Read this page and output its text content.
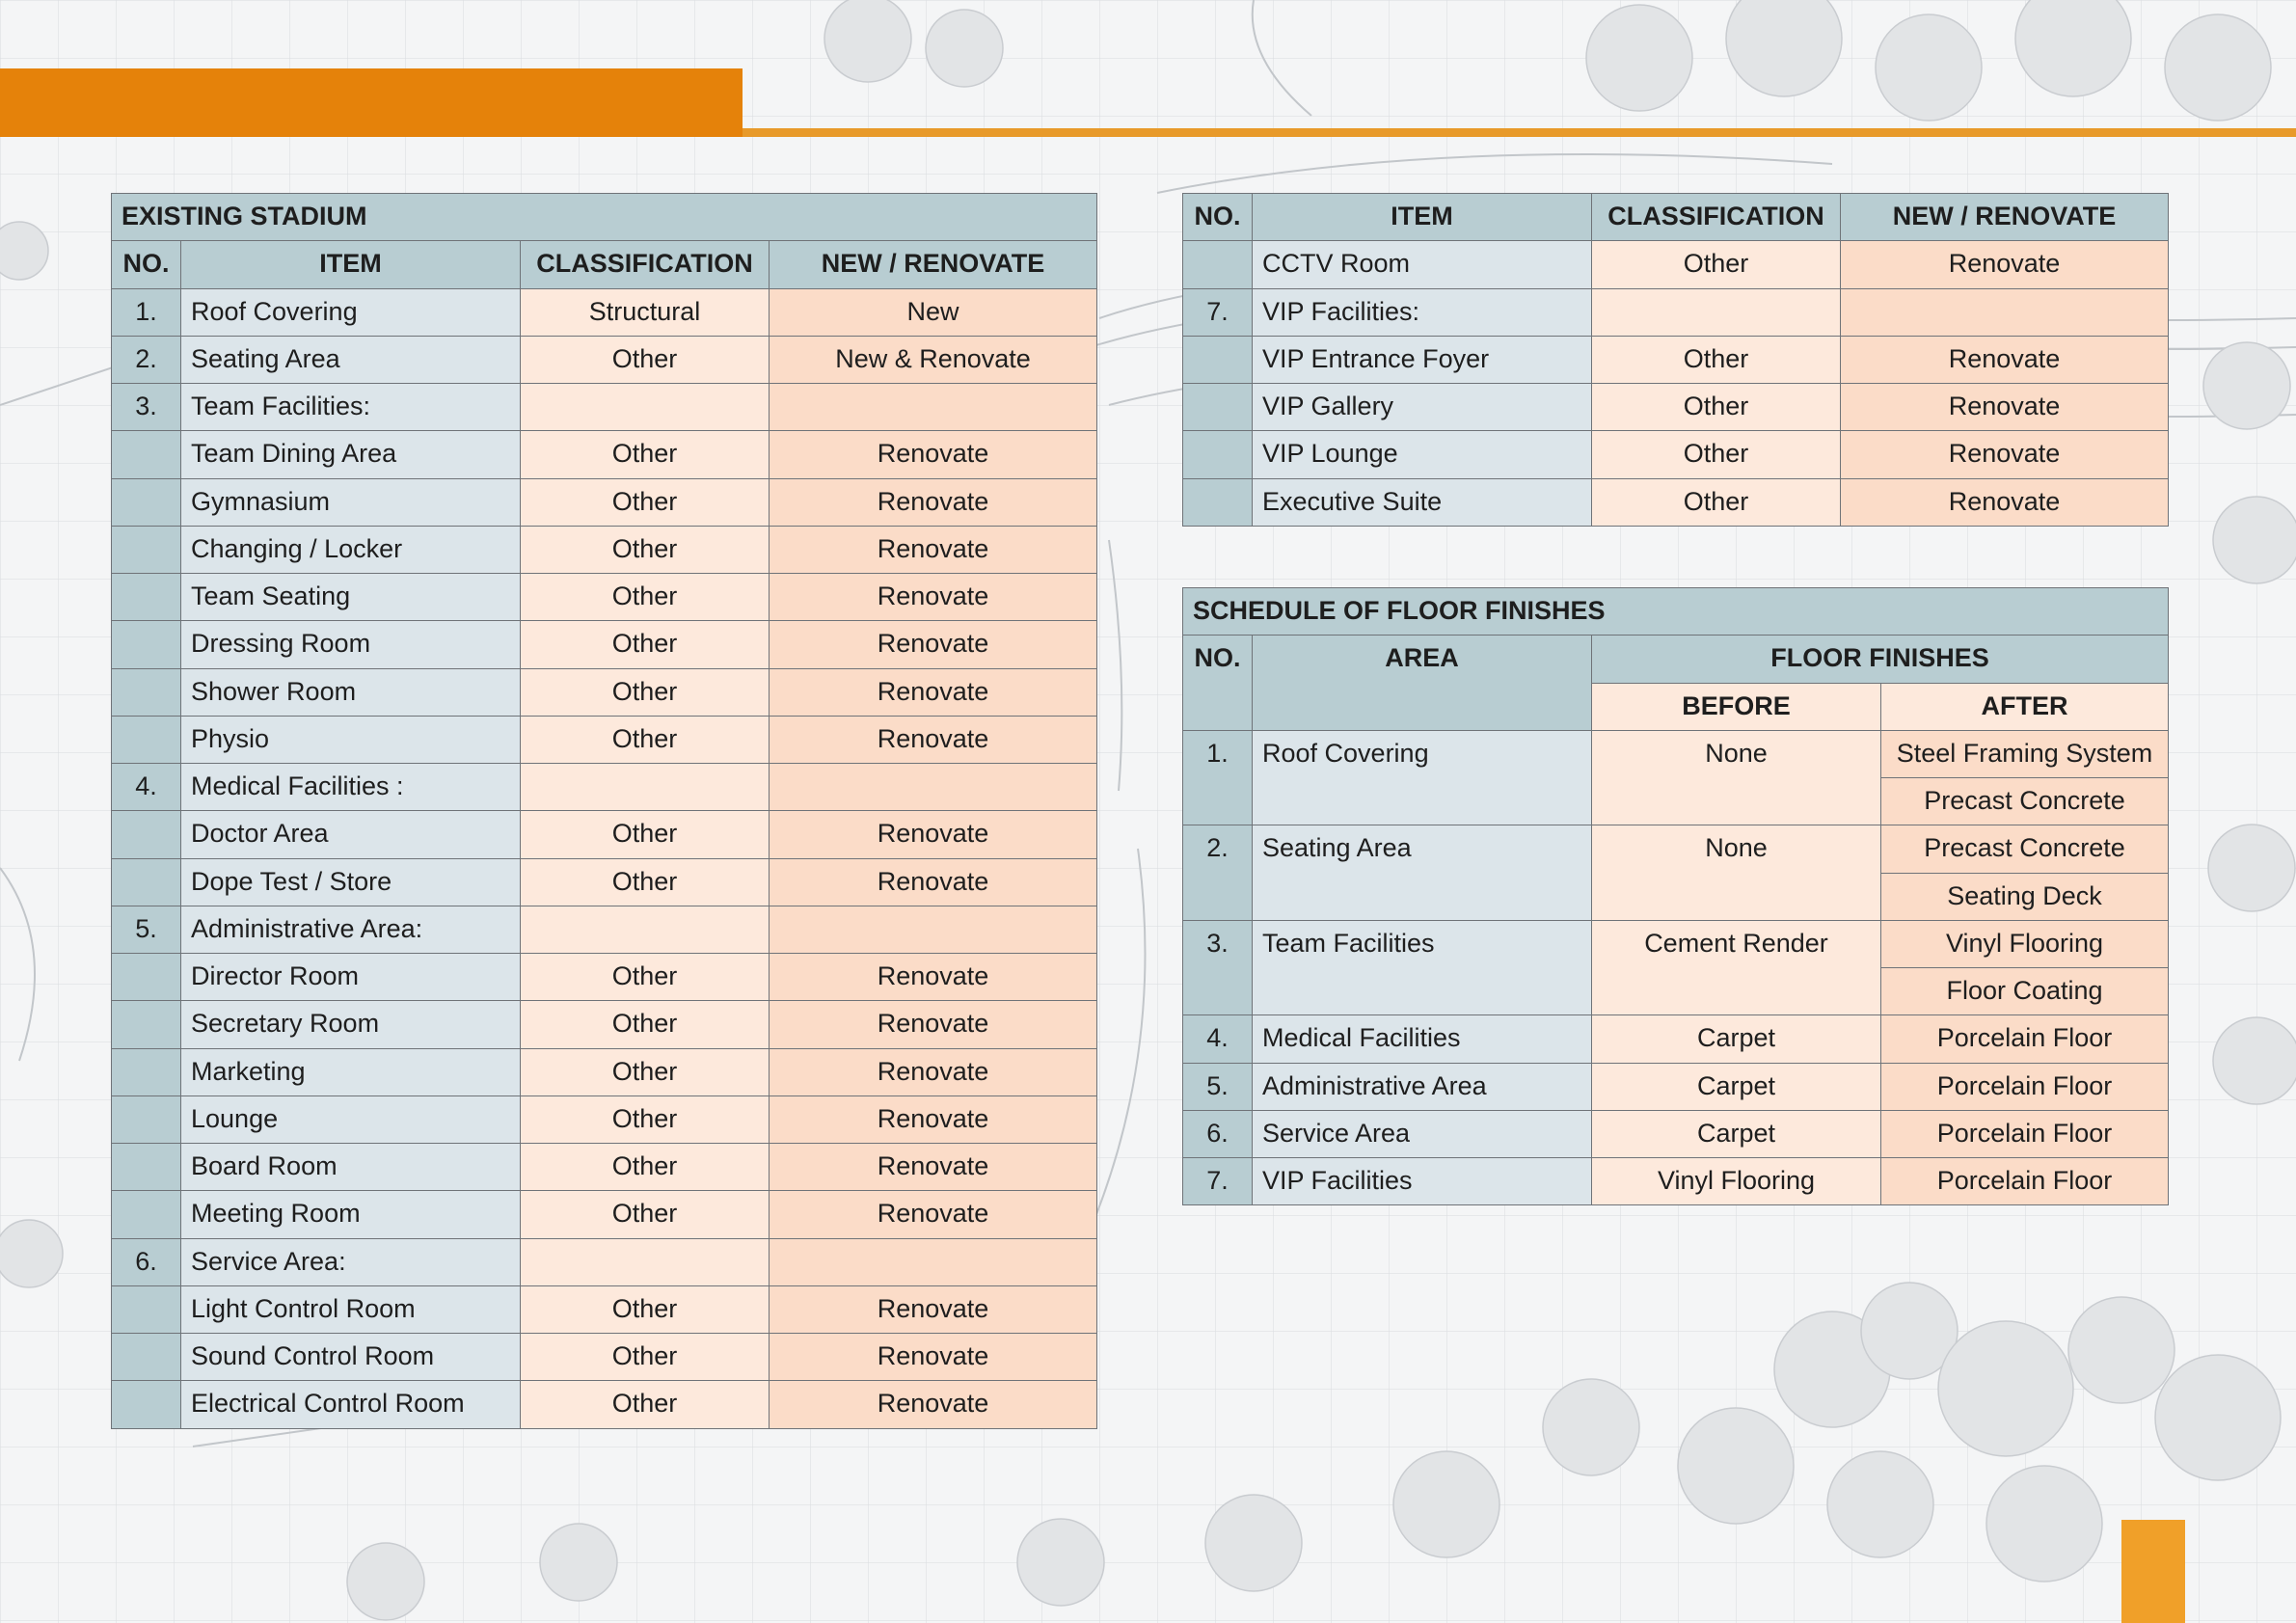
EXISTING STADIUM			
NO.	ITEM	CLASSIFICATION	NEW / RENOVATE
1.	Roof Covering	Structural	New
2.	Seating Area	Other	New & Renovate
3.	Team Facilities:		
	Team Dining Area	Other	Renovate
	Gymnasium	Other	Renovate
	Changing / Locker	Other	Renovate
	Team Seating	Other	Renovate
	Dressing Room	Other	Renovate
	Shower Room	Other	Renovate
	Physio	Other	Renovate
4.	Medical Facilities :		
	Doctor Area	Other	Renovate
	Dope Test / Store	Other	Renovate
5.	Administrative Area:		
	Director Room	Other	Renovate
	Secretary Room	Other	Renovate
	Marketing	Other	Renovate
	Lounge	Other	Renovate
	Board Room	Other	Renovate
	Meeting Room	Other	Renovate
6.	Service Area:		
	Light Control Room	Other	Renovate
	Sound Control Room	Other	Renovate
	Electrical Control Room	Other	Renovate
NO.	ITEM	CLASSIFICATION	NEW / RENOVATE
	CCTV Room	Other	Renovate
7.	VIP Facilities:		
	VIP Entrance Foyer	Other	Renovate
	VIP Gallery	Other	Renovate
	VIP Lounge	Other	Renovate
	Executive Suite	Other	Renovate
SCHEDULE OF FLOOR FINISHES			
NO.	AREA	FLOOR FINISHES	
		BEFORE	AFTER
1.	Roof Covering	None	Steel Framing System
			Precast Concrete
2.	Seating Area	None	Precast Concrete
			Seating Deck
3.	Team Facilities	Cement Render	Vinyl Flooring
			Floor Coating
4.	Medical Facilities	Carpet	Porcelain Floor
5.	Administrative Area	Carpet	Porcelain Floor
6.	Service Area	Carpet	Porcelain Floor
7.	VIP Facilities	Vinyl Flooring	Porcelain Floor
